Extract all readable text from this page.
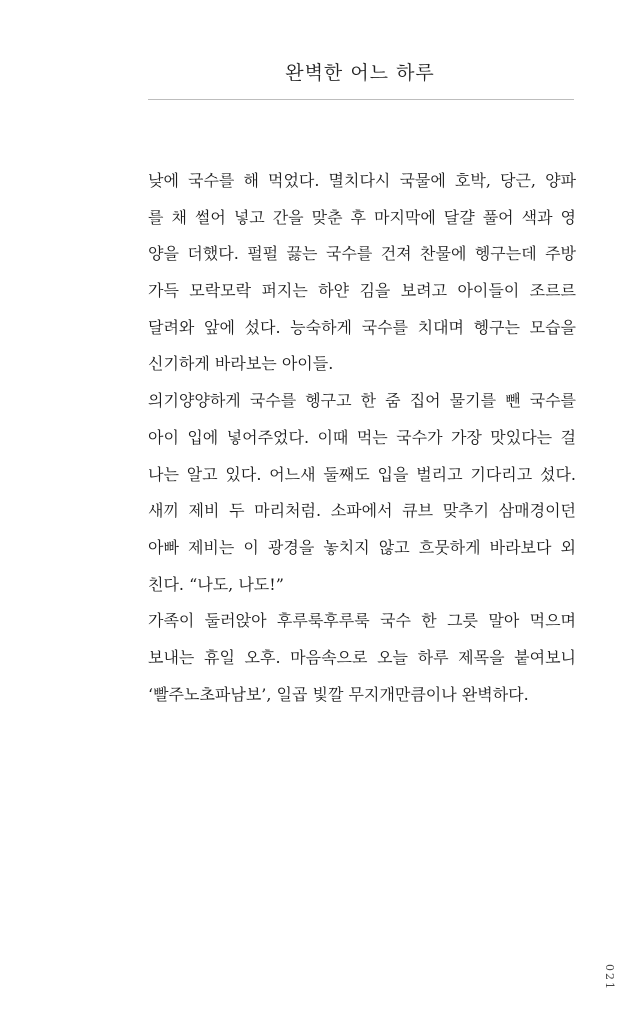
완벽한 어느 하루
낮에 국수를 해 먹었다. 멸치다시 국물에 호박, 당근, 양파
를 채 썰어 넣고 간을 맞춘 후 마지막에 달걀 풀어 색과 영
양을 더했다. 펄펄 끓는 국수를 건져 찬물에 헹구는데 주방
가득 모락모락 퍼지는 하얀 김을 보려고 아이들이 조르르
달려와 앞에 섰다. 능숙하게 국수를 치대며 헹구는 모습을
신기하게 바라보는 아이들.
의기양양하게 국수를 헹구고 한 줌 집어 물기를 뺀 국수를
아이 입에 넣어주었다. 이때 먹는 국수가 가장 맛있다는 걸
나는 알고 있다. 어느새 둘째도 입을 벌리고 기다리고 섰다.
새끼 제비 두 마리처럼. 소파에서 큐브 맞추기 삼매경이던
아빠 제비는 이 광경을 놓치지 않고 흐뭇하게 바라보다 외
친다. “나도, 나도!”
가족이 둘러앉아 후루룩후루룩 국수 한 그릇 말아 먹으며
보내는 휴일 오후. 마음속으로 오늘 하루 제목을 붙여보니
‘빨주노초파남보’, 일곱 빛깔 무지개만큼이나 완벽하다.
021
